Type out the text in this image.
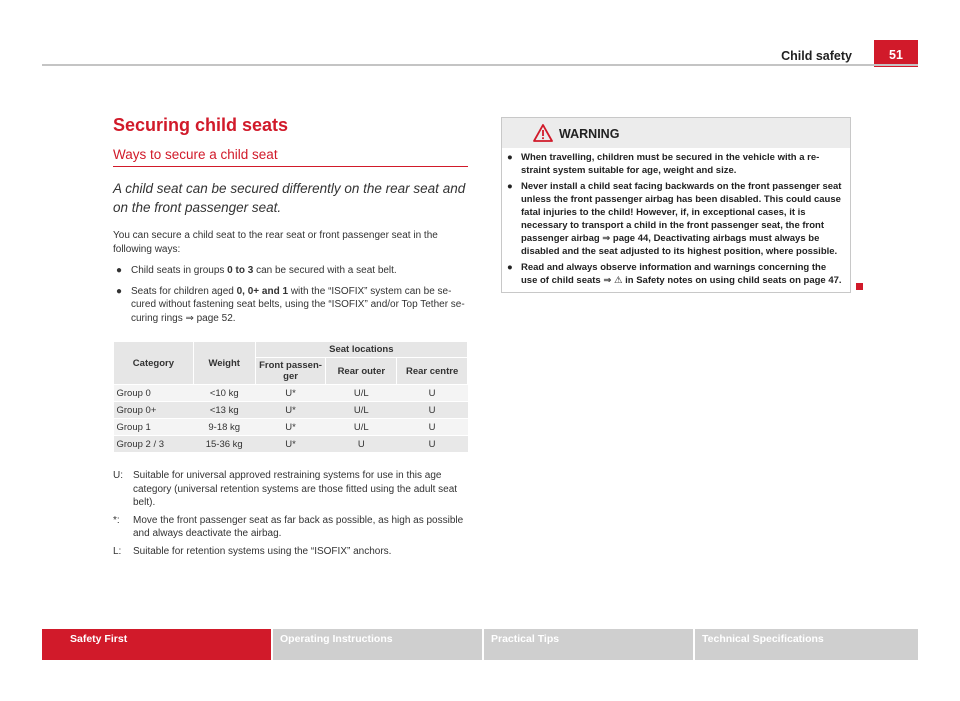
Child safety	51
Securing child seats
Ways to secure a child seat
A child seat can be secured differently on the rear seat and on the front passenger seat.
You can secure a child seat to the rear seat or front passenger seat in the following ways:
● Child seats in groups 0 to 3 can be secured with a seat belt.
● Seats for children aged 0, 0+ and 1 with the “ISOFIX” system can be secured without fastening seat belts, using the “ISOFIX” and/or Top Tether securing rings ⇒ page 52.
Category	Weight	Seat locations		
		Front passenger	Rear outer	Rear centre
Group 0	<10 kg	U*	U/L	U
Group 0+	<13 kg	U*	U/L	U
Group 1	9-18 kg	U*	U/L	U
Group 2 / 3	15-36 kg	U*	U	U
U: Suitable for universal approved restraining systems for use in this age category (universal retention systems are those fitted using the adult seat belt).
*: Move the front passenger seat as far back as possible, as high as possible and always deactivate the airbag.
L: Suitable for retention systems using the “ISOFIX” anchors.
WARNING
● When travelling, children must be secured in the vehicle with a restraint system suitable for age, weight and size.
● Never install a child seat facing backwards on the front passenger seat unless the front passenger airbag has been disabled. This could cause fatal injuries to the child! However, if, in exceptional cases, it is necessary to transport a child in the front passenger seat, the front passenger airbag ⇒ page 44, Deactivating airbags must always be disabled and the seat adjusted to its highest position, where possible.
● Read and always observe information and warnings concerning the use of child seats ⇒ ⚠ in Safety notes on using child seats on page 47.
Safety First	Operating Instructions	Practical Tips	Technical Specifications
